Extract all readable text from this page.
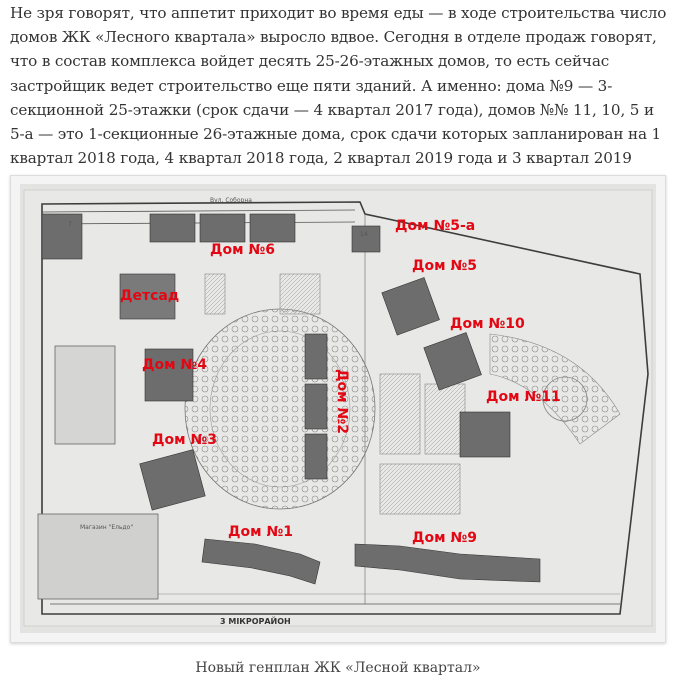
Не зря говорят, что аппетит приходит во время еды — в ходе строительства число домов ЖК «Лесного квартала» выросло вдвое. Сегодня в отделе продаж говорят, что в состав комплекса войдет десять 25-26-этажных домов, то есть сейчас застройщик ведет строительство еще пяти зданий. А именно: дома №9 — 3-секционной 25-этажки (срок сдачи — 4 квартал 2017 года), домов №№ 11, 10, 5 и 5-а — это 1-секционные 26-этажные дома, срок сдачи которых запланирован на 1 квартал 2018 года, 4 квартал 2018 года, 2 квартал 2019 года и 3 квартал 2019

Магазин "Ельдо"
7
14
Вул. Соборна
3 МІКРОРАЙОН
Дом №5-а
Дом №6
Дом №5
Детсад
Дом №10
Дом №4
Дом №11
Дом №3
Дом №1	Дом №9
Дом №2
Новый генплан ЖК «Лесной квартал»
